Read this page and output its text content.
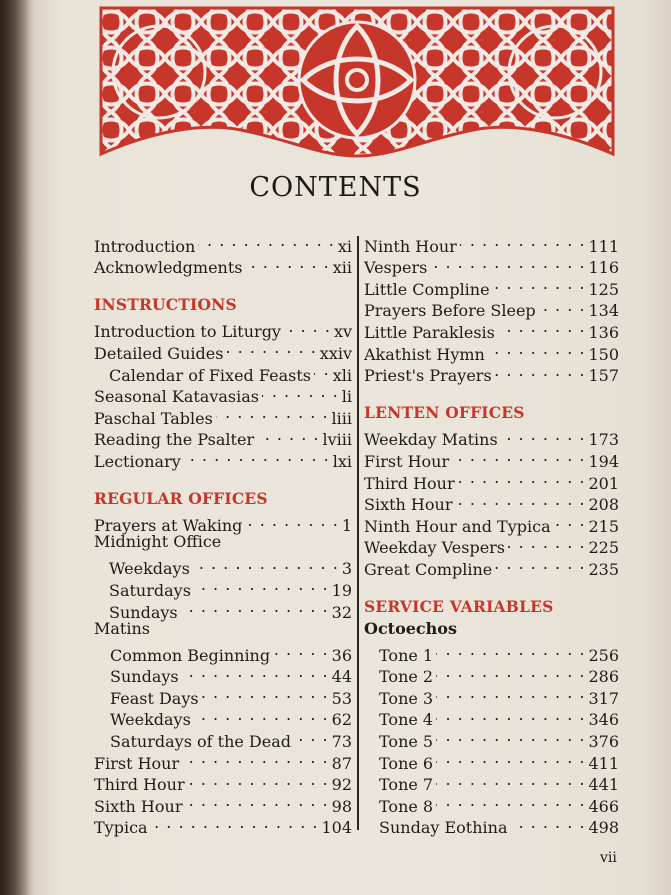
CONTENTS
Introduction . . .	xi
Acknowledgments . . .	xii
INSTRUCTIONS
Introduction to Liturgy . . .	xv
Detailed Guides . . .	xxiv
Calendar of Fixed Feasts . . . xli
Seasonal Katavasias . . .	li
Paschal Tables . . .	liii
Reading the Psalter . . .	lviii
Lectionary . . .	lxi
REGULAR OFFICES
Prayers at Waking . . .	1
Midnight Office
Weekdays . . .	3
Saturdays . . .	19
Sundays . . .	32
Matins
Common Beginning . . .	36
Sundays . . .	44
Feast Days . . .	53
Weekdays . . .	62
Saturdays of the Dead . . .	73
First Hour . . .	87
Third Hour . . .	92
Sixth Hour . . .	98
Typica . . .	104
Ninth Hour . . .	111
Vespers . . .	116
Little Compline . . .	125
Prayers Before Sleep . . .	134
Little Paraklesis . . .	136
Akathist Hymn . . .	150
Priest's Prayers . . .	157
LENTEN OFFICES
Weekday Matins . . .	173
First Hour . . .	194
Third Hour . . .	201
Sixth Hour . . .	208
Ninth Hour and Typica . . . 215
Weekday Vespers . . .	225
Great Compline . . .	235
SERVICE VARIABLES
Octoechos
Tone 1 . . .	256
Tone 2 . . .	286
Tone 3 . . .	317
Tone 4 . . .	346
Tone 5 . . .	376
Tone 6 . . .	411
Tone 7 . . .	441
Tone 8 . . .	466
Sunday Eothina . . .	498
vii
